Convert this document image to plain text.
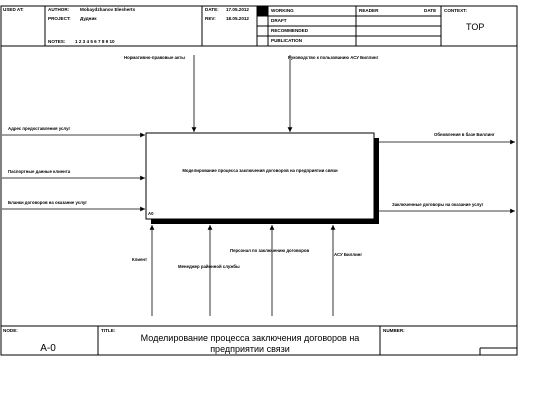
USED AT:	AUTHOR: Mobaydzhanov Elesherts
PROJECT: Дудник
NOTES: 1 2 3 4 5 6 7 8 9 10
DATE: 17.05.2012
REV: 18.05.2012
WORKING
DRAFT
RECOMMENDED
PUBLICATION
READER	DATE CONTEXT:
TOP
Моделирование процесса заключения договоров на предприятии связи
A0
Нормативно-правовые акты	Руководство к пользованию АСУ Биллинг
Адрес предоставления услуг
Паспортные данные клиента
Бланки договоров на оказание услуг
Обновления в базе Биллинг
Заключенные договоры на оказание услуг
Клиент
Менеджер районной службы
Персонал по заключению договоров
АСУ Биллинг
NODE:
A-0
TITLE:
Моделирование процесса заключения договоров на
предприятии связи
NUMBER:
